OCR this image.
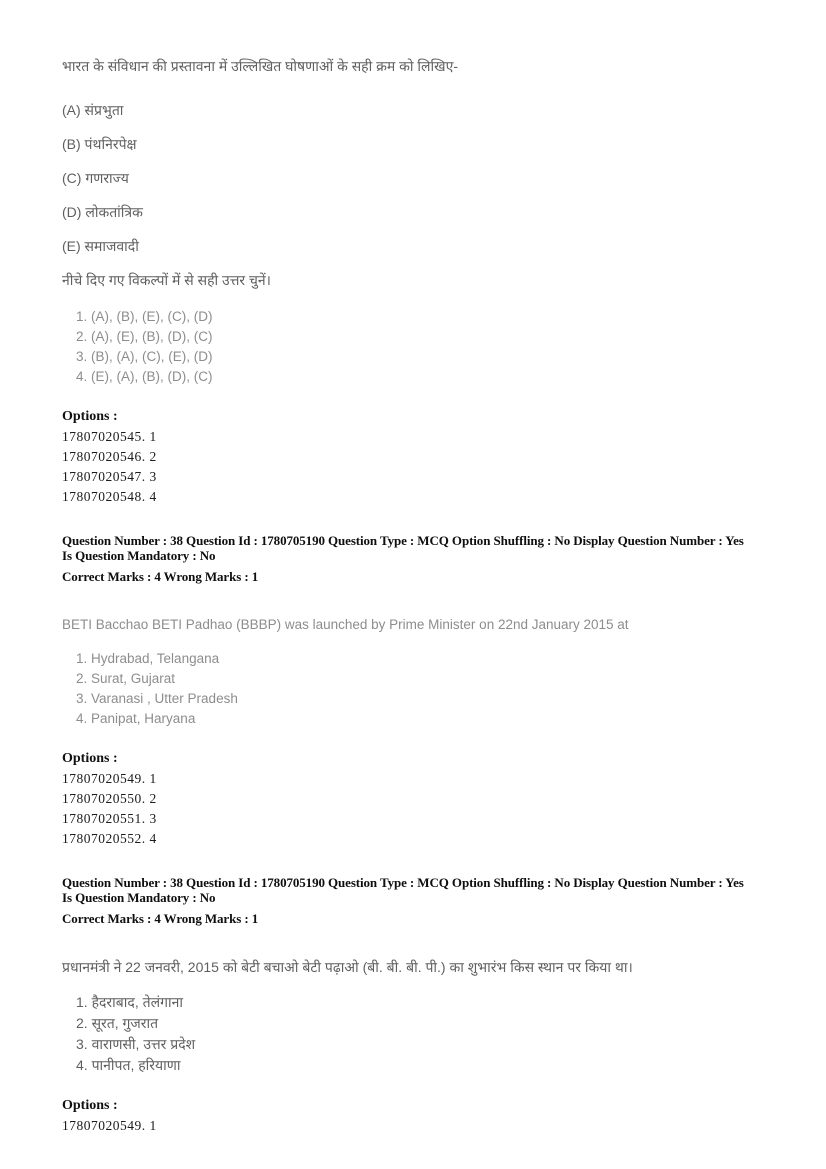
भारत के संविधान की प्रस्तावना में उल्लिखित घोषणाओं के सही क्रम को लिखिए-

(A) संप्रभुता

(B) पंथनिरपेक्ष

(C) गणराज्य

(D) लोकतांत्रिक

(E) समाजवादी

नीचे दिए गए विकल्पों में से सही उत्तर चुनें।

1. (A), (B), (E), (C), (D)

2. (A), (E), (B), (D), (C)

3. (B), (A), (C), (E), (D)

4. (E), (A), (B), (D), (C)

Options :

17807020545. 1

17807020546. 2

17807020547. 3

17807020548. 4

Question Number : 38 Question Id : 1780705190 Question Type : MCQ Option Shuffling : No Display Question Number : Yes
Is Question Mandatory : No
Correct Marks : 4 Wrong Marks : 1

BETI Bacchao BETI Padhao (BBBP) was launched by Prime Minister on 22nd January 2015 at

1. Hydrabad, Telangana

2. Surat, Gujarat

3. Varanasi , Utter Pradesh

4. Panipat, Haryana

Options :

17807020549. 1

17807020550. 2

17807020551. 3

17807020552. 4

Question Number : 38 Question Id : 1780705190 Question Type : MCQ Option Shuffling : No Display Question Number : Yes
Is Question Mandatory : No
Correct Marks : 4 Wrong Marks : 1

प्रधानमंत्री ने 22 जनवरी, 2015 को बेटी बचाओ बेटी पढ़ाओ (बी. बी. बी. पी.) का शुभारंभ किस स्थान पर किया था।

1. हैदराबाद, तेलंगाना

2. सूरत, गुजरात

3. वाराणसी, उत्तर प्रदेश

4. पानीपत, हरियाणा

Options :

17807020549. 1
